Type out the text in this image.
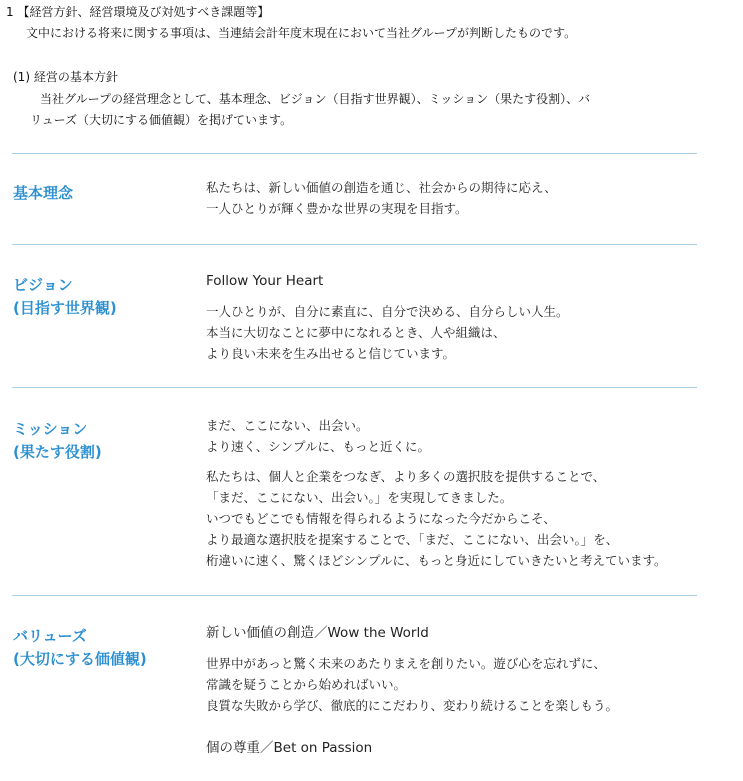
1 【経営方針、経営環境及び対処すべき課題等】
文中における将来に関する事項は、当連結会計年度末現在において当社グループが判断したものです。
(1) 経営の基本方針
当社グループの経営理念として、基本理念、ビジョン（目指す世界観）、ミッション（果たす役割）、バ
リューズ（大切にする価値観）を掲げています。
基本理念	私たちは、新しい価値の創造を通じ、社会からの期待に応え、
一人ひとりが輝く豊かな世界の実現を目指す。
ビジョン
(目指す世界観)
Follow Your Heart
一人ひとりが、自分に素直に、自分で決める、自分らしい人生。
本当に大切なことに夢中になれるとき、人や組織は、
より良い未来を生み出せると信じています。
ミッション
(果たす役割)
まだ、ここにない、出会い。
より速く、シンプルに、もっと近くに。
私たちは、個人と企業をつなぎ、より多くの選択肢を提供することで、
「まだ、ここにない、出会い。」を実現してきました。
いつでもどこでも情報を得られるようになった今だからこそ、
より最適な選択肢を提案することで、「まだ、ここにない、出会い。」を、
桁違いに速く、驚くほどシンプルに、もっと身近にしていきたいと考えています。
バリューズ
(大切にする価値観)
新しい価値の創造／Wow the World
世界中があっと驚く未来のあたりまえを創りたい。遊び心を忘れずに、
常識を疑うことから始めればいい。
良質な失敗から学び、徹底的にこだわり、変わり続けることを楽しもう。
個の尊重／Bet on Passion
